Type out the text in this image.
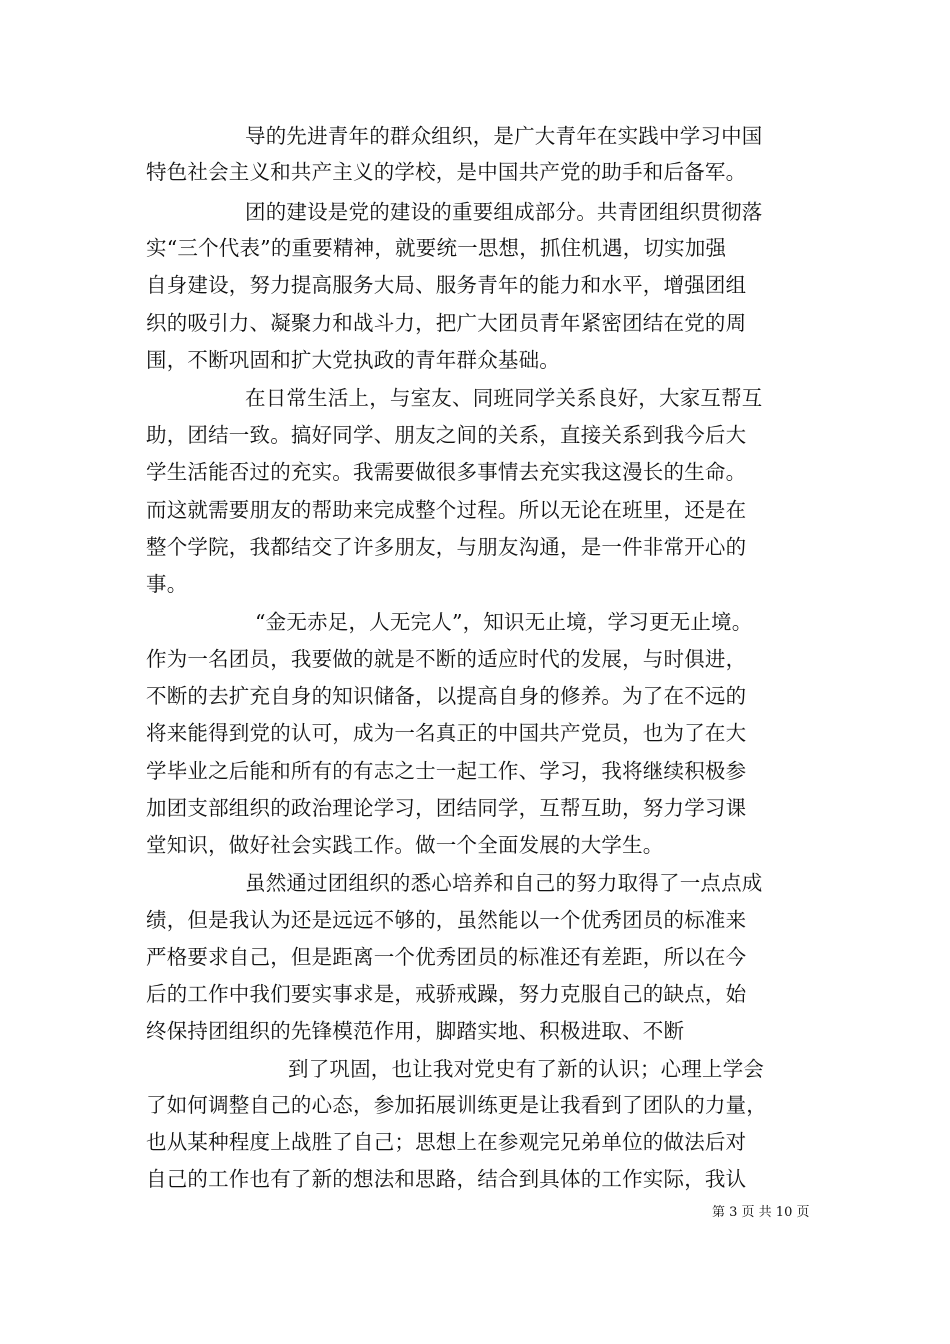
导的先进青年的群众组织，是广大青年在实践中学习中国
特色社会主义和共产主义的学校，是中国共产党的助手和后备军。
团的建设是党的建设的重要组成部分。共青团组织贯彻落
实“三个代表”的重要精神，就要统一思想，抓住机遇，切实加强
自身建设，努力提高服务大局、服务青年的能力和水平，增强团组
织的吸引力、凝聚力和战斗力，把广大团员青年紧密团结在党的周
围，不断巩固和扩大党执政的青年群众基础。
在日常生活上，与室友、同班同学关系良好，大家互帮互
助，团结一致。搞好同学、朋友之间的关系，直接关系到我今后大
学生活能否过的充实。我需要做很多事情去充实我这漫长的生命。
而这就需要朋友的帮助来完成整个过程。所以无论在班里，还是在
整个学院，我都结交了许多朋友，与朋友沟通，是一件非常开心的
事。
“金无赤足，人无完人”，知识无止境，学习更无止境。
作为一名团员，我要做的就是不断的适应时代的发展，与时俱进，
不断的去扩充自身的知识储备，以提高自身的修养。为了在不远的
将来能得到党的认可，成为一名真正的中国共产党员，也为了在大
学毕业之后能和所有的有志之士一起工作、学习，我将继续积极参
加团支部组织的政治理论学习，团结同学，互帮互助，努力学习课
堂知识，做好社会实践工作。做一个全面发展的大学生。
虽然通过团组织的悉心培养和自己的努力取得了一点点成
绩，但是我认为还是远远不够的，虽然能以一个优秀团员的标准来
严格要求自己，但是距离一个优秀团员的标准还有差距，所以在今
后的工作中我们要实事求是，戒骄戒躁，努力克服自己的缺点，始
终保持团组织的先锋模范作用，脚踏实地、积极进取、不断
到了巩固，也让我对党史有了新的认识；心理上学会
了如何调整自己的心态，参加拓展训练更是让我看到了团队的力量，
也从某种程度上战胜了自己；思想上在参观完兄弟单位的做法后对
自己的工作也有了新的想法和思路，结合到具体的工作实际，我认
第 3 页 共 10 页
